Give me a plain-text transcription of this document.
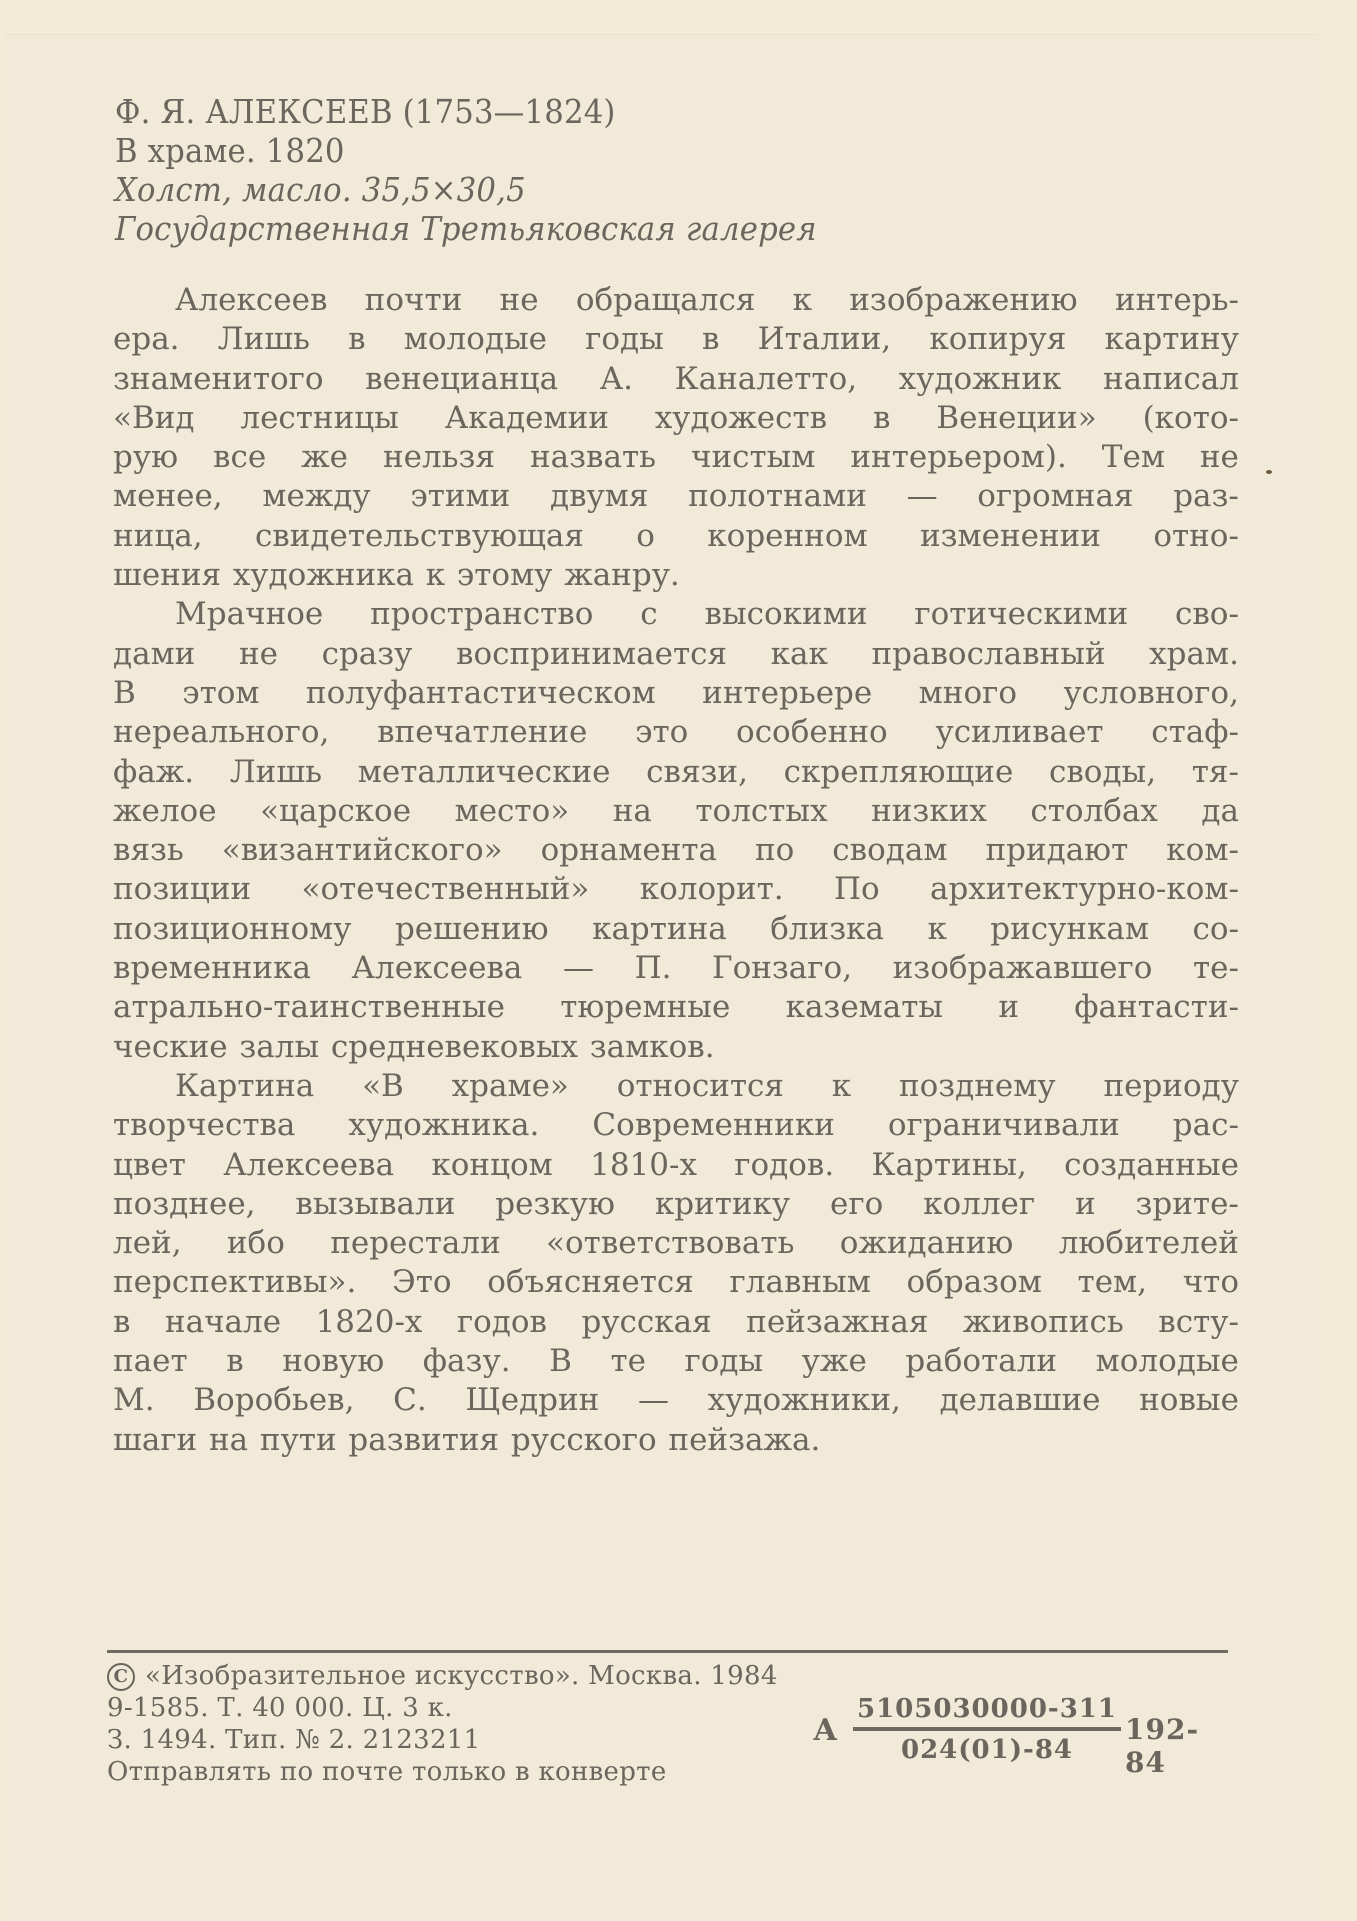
Ф. Я. АЛЕКСЕЕВ (1753—1824)
В храме. 1820
Холст, масло. 35,5×30,5
Государственная Третьяковская галерея
Алексеев почти не обращался к изображению интерь-
ера. Лишь в молодые годы в Италии, копируя картину
знаменитого венецианца А. Каналетто, художник написал
«Вид лестницы Академии художеств в Венеции» (кото-
рую все же нельзя назвать чистым интерьером). Тем не
менее, между этими двумя полотнами — огромная раз-
ница, свидетельствующая о коренном изменении отно-
шения художника к этому жанру.
Мрачное пространство с высокими готическими сво-
дами не сразу воспринимается как православный храм.
В этом полуфантастическом интерьере много условного,
нереального, впечатление это особенно усиливает стаф-
фаж. Лишь металлические связи, скрепляющие своды, тя-
желое «царское место» на толстых низких столбах да
вязь «византийского» орнамента по сводам придают ком-
позиции «отечественный» колорит. По архитектурно-ком-
позиционному решению картина близка к рисункам со-
временника Алексеева — П. Гонзаго, изображавшего те-
атрально-таинственные тюремные казематы и фантасти-
ческие залы средневековых замков.
Картина «В храме» относится к позднему периоду
творчества художника. Современники ограничивали рас-
цвет Алексеева концом 1810-х годов. Картины, созданные
позднее, вызывали резкую критику его коллег и зрите-
лей, ибо перестали «ответствовать ожиданию любителей
перспективы». Это объясняется главным образом тем, что
в начале 1820-х годов русская пейзажная живопись всту-
пает в новую фазу. В те годы уже работали молодые
М. Воробьев, С. Щедрин — художники, делавшие новые
шаги на пути развития русского пейзажа.
C «Изобразительное искусство». Москва. 1984
9-1585. Т. 40 000. Ц. 3 к.
З. 1494. Тип. № 2. 2123211
Отправлять по почте только в конверте
А
5105030000-311
024(01)-84
192-84
